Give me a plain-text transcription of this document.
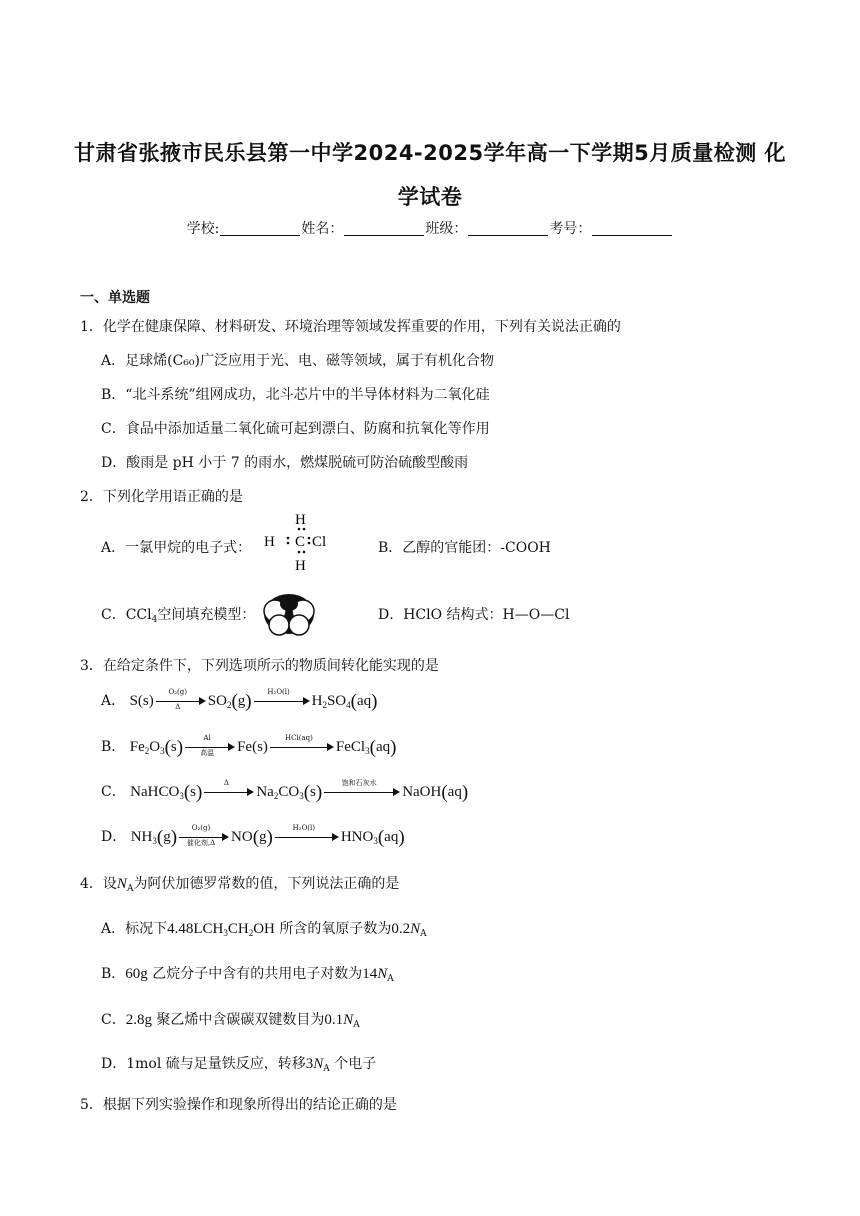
甘肃省张掖市民乐县第一中学2024-2025学年高一下学期5月质量检测 化
学试卷
学校:	姓名：	班级：	考号：
一、单选题
1．化学在健康保障、材料研发、环境治理等领域发挥重要的作用，下列有关说法正确的
A．足球烯(C₆₀)广泛应用于光、电、磁等领域，属于有机化合物
B．“北斗系统”组网成功，北斗芯片中的半导体材料为二氧化硅
C．食品中添加适量二氧化硫可起到漂白、防腐和抗氧化等作用
D．酸雨是 pH 小于 7 的雨水，燃煤脱硫可防治硫酸型酸雨
2．下列化学用语正确的是
A．一氯甲烷的电子式：
H
H C Cl
H
B．乙醇的官能团：-COOH
C．CCl$_4$空间填充模型：	D．HClO 结构式：H—O—Cl
3．在给定条件下，下列选项所示的物质间转化能实现的是
A． $S(s) \frac{\text{O₂(g)}}{\Delta} SO_2(g)$	H₂O(l)
$H_2SO_4(aq)$
B． $Fe_2O_3(s)$	Al
高温	Fe(s)
HCl(aq)
FeCl$_3$(aq)
C． NaHCO$_3$(s)	Δ
$Na_2CO_3(s)$	饱和石灰水
NaOH(aq)
D． $NH_3(g)$	O₂(g)
催化剂,Δ	NO(g)	H₂O(l)
$HNO_3(aq)$
4．设$N_A$为阿伏加德罗常数的值，下列说法正确的是
A．标况下$4.48LCH_3CH_2OH$ 所含的氧原子数为$0.2N_A$
B．60g 乙烷分子中含有的共用电子对数为$14N_A$
C．2.8g 聚乙烯中含碳碳双键数目为$0.1N_A$
D．1mol 硫与足量铁反应，转移$3N_A$ 个电子
5．根据下列实验操作和现象所得出的结论正确的是
